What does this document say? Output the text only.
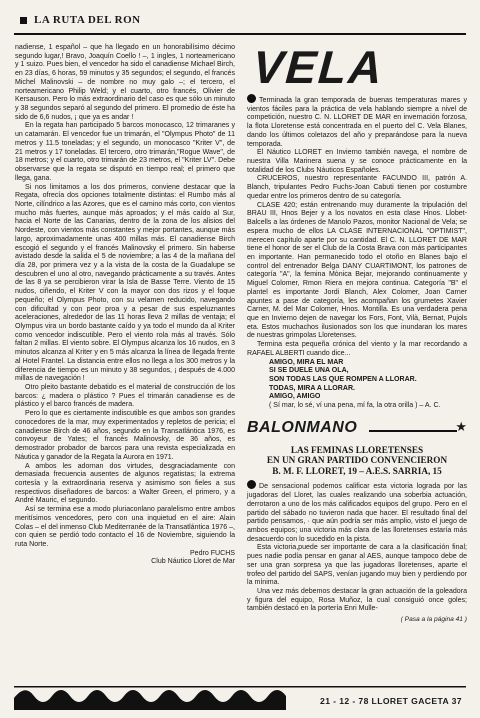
LA RUTA DEL RON

nadiense, 1 español – que ha llegado en un honorabilísimo décimo segundo lugar,! Bravo, Joaquín Coello ! –, 1 ingles, 1 norteamericano y 1 suizo. Pues bien, el vencedor ha sido el canadiense Michael Birch, en 23 días, 6 horas, 59 minutos y 35 segundos; el segundo, el francés Michel Malinovski – de nombre no muy galo –; el tercero, el norteamericano Philip Weld; y el cuarto, otro francés, Olivier de Kersauson. Pero lo más extraordinario del caso es que sólo un minuto y 38 segundos separó al segundo del primero. El promedio de éste ha sido de 6,6 nudos, ¡ que ya es andar !

En la regata han participado 5 barcos monocasco, 12 trimaranes y un catamarán. El vencedor fue un trimarán, el "Olympus Photo" de 11 metros y 11.5 toneladas; y el segundo, un monocasco "Kriter V", de 21 metros y 17 toneladas. El tercero, otro trimarán,"Rogue Wave", de 18 metros; y el cuarto, otro trimarán de 23 metros, el "Kriter LV". Debe observarse que la regata se disputó en tiempo real; el primero que llega, gana.

Si nos limitamos a los dos primeros, conviene destacar que la Regata, ofrecía dos opciones totalmente distintas: el Rumbo más al Norte, cilíndrico a las Azores, que es el camino más corto, con vientos mucho más fuertes, aunque más aproados; y el más caído al Sur, hacia el Norte de las Canarias, dentro de la zona de los alisios del Nordeste, con vientos más constantes y mejor portantes, aunque más largo, aproximadamente unas 400 millas más. El canadiense Birch escogió el segundo y el francés Malinovsky el primero. Sin haberse avistado desde la salida el 5 de noviembre; a las 4 de la mañana del día 28, por primera vez y a la vista de la costa de la Guadalupe se descubren el uno al otro, navegando prácticamente a su través. Antes de las 8 ya se percibieron virar la Isla de Basse Terre. Viento de 15 nudos, ciñendo, el Kriter V con la mayor con dos rizos y el foque pequeño; el Olympus Photo, con su velamen reducido, navegando con dificultad y con peor proa y a pesar de sus espeluznantes aceleraciones, alrededor de las 11 horas lleva 2 millas de ventaja; el Olympus vira un bordo bastante caído y ya todo el mundo da al Kriter como vencedor indiscutible. Pero el viento rola más al través. Sólo faltan 2 millas. El viento sobre. El Olympus alcanza los 16 nudos, en 3 minutos alcanza al Kriter y en 5 más alcanza la línea de llegada frente al Hotel Frantel. La distancia entre ellos no llega a los 300 metros y la diferencia de tiempo es un minuto y 38 segundos, ¡ después de 4.000 millas de navegación !

Otro pleito bastante debatido es el material de construcción de los barcos: ¿ madera o plástico ? Pues el trimarán canadiense es de plástico y el barco francés de madera.

Pero lo que es ciertamente indiscutible es que ambos son grandes conocedores de la mar, muy experimentados y repletos de pericia; el canadiense Birch de 46 años, segundo en la Transatlántica 1976, es convoyeur de Yates; el francés Malinovsky, de 36 años, es demostrador probador de barcos para una revista especializada en Náutica y ganador de la Regata la Aurora en 1971.

A ambos les adornan dos virtudes, desgraciadamente con demasiada frecuencia ausentes de algunos regatistas; la extrema cortesía y la extraordinaria reserva y asimismo son fieles a sus respectivos diseñadores de barcos: a Walter Green, el primero, y a André Mauric, el segundo.

Así se termina ese a modo pluriaconlano paralelismo entre ambos meritísimos vencedores, pero con una inquietud en el aire: Alain Colas – el del inmenso Club Mediterranée de la Transatlántica 1976 –, con quien se perdió todo contacto el 16 de Noviembre, siguiendo la ruta Norte.

Pedro FUCHS

Club Náutico Lloret de Mar

VELA

Terminada la gran temporada de buenas temperaturas mares y vientos fáciles para la práctica de vela hablando siempre a nivel de competición, nuestro C. N. LLORET DE MAR en invernación forzosa, la flota Lloretense está concentrada en el puerto del C. Vela Blanes, dando los últimos coletazos del año y preparándose para la nueva temporada.

El Náutico LLORET en Invierno también navega, el nombre de nuestra Villa Marinera suena y se conoce prácticamente en la totalidad de los Clubs Náuticos Españoles.

CRUCEROS, nuestro representante FACUNDO III, patrón A. Blanch, tripulantes Pedro Fuchs-Joan Cabuti tienen por costumbre quedar entre los primeros dentro de su categoría.

CLASE 420; están entrenando muy duramente la tripulación del BRAU III, Hnos Bejer y a los novatos en esta clase Hnos. Llobet-Balcells a las órdenes de Manolo Pazos, monitor Nacional de Vela; se espera mucho de ellos LA CLASE INTERNACIONAL "OPTIMIST", merecen capítulo aparte por su cantidad. El C. N. LLORET DE MAR tiene el honor de ser el Club de la Costa Brava con más participantes en importante. Han permanecido todo el otoño en Blanes bajo el control del entrenador Belga DANY CUARTIMONT, los patrones de categoría "A", la femina Mònica Bejar, mejorando continuamente y Miguel Colomer, Rmon Riera en mejora continua. Categoría "B" el plantel es importante Jordi Blanch, Alex Colomer, Joan Carner apuntes a pase de categoría, les acompañan los grumetes Xavier Carner, M. del Mar Colomer, Hnos. Montilla. Es una verdadera pena que en Invierno dejen de navegar los Fors, Font, Vilà, Bernat, Pujols eta. Estos muchachos ilusionados son los que inundaran los mares de nuestras grimpolas Lloretenses.

Termina esta pequeña crónica del viento y la mar recordando a RAFAEL ALBERTI cuando dice...

AMIGO, MIRA EL MAR

SI SE DUELE UNA OLA,

SON TODAS LAS QUE ROMPEN A LLORAR.

TODAS, MIRA A LLORAR.

AMIGO, AMIGO

( Sí mar, lo sé, ví una pena, mí fa, la otra orilla ) – A. C.

BALONMANO	★
LAS FEMINAS LLORETENSES
EN UN GRAN PARTIDO CONVENCIERON
B. M. F. LLORET, 19 – A.E.S. SARRIA, 15

De sensacional podemos calificar esta victoria lograda por las jugadoras del Lloret, las cuales realizando una soberbia actuación, derrotaron a uno de los más calificados equipos del grupo. Pero en el partido del sábado no tuvieron nada que hacer. El resultado final del partido pensamos, · que aún podría ser más amplio, visto el juego de ambos equipos; una victoria más clara de las lloretenses estaría más desacuerdo con lo sucedido en la pista.

Esta victoria,puede ser importante de cara a la clasificación final; pues nadie podía pensar en ganar al AES, aunque tampoco debe de ser una gran sorpresa ya que las jugadoras lloretenses, aparte el trofeo del partido del SAPS, venían jugando muy bien y perdiendo por la mínima.

Una vez más debemos destacar la gran actuación de la goleadora y figura del equipo, Rosa Muñoz, la cual consiguió once goles; también destacó en la portería Enri Mulle-

( Pasa a la página 41 )
21 - 12 - 78 LLORET GACETA 37
